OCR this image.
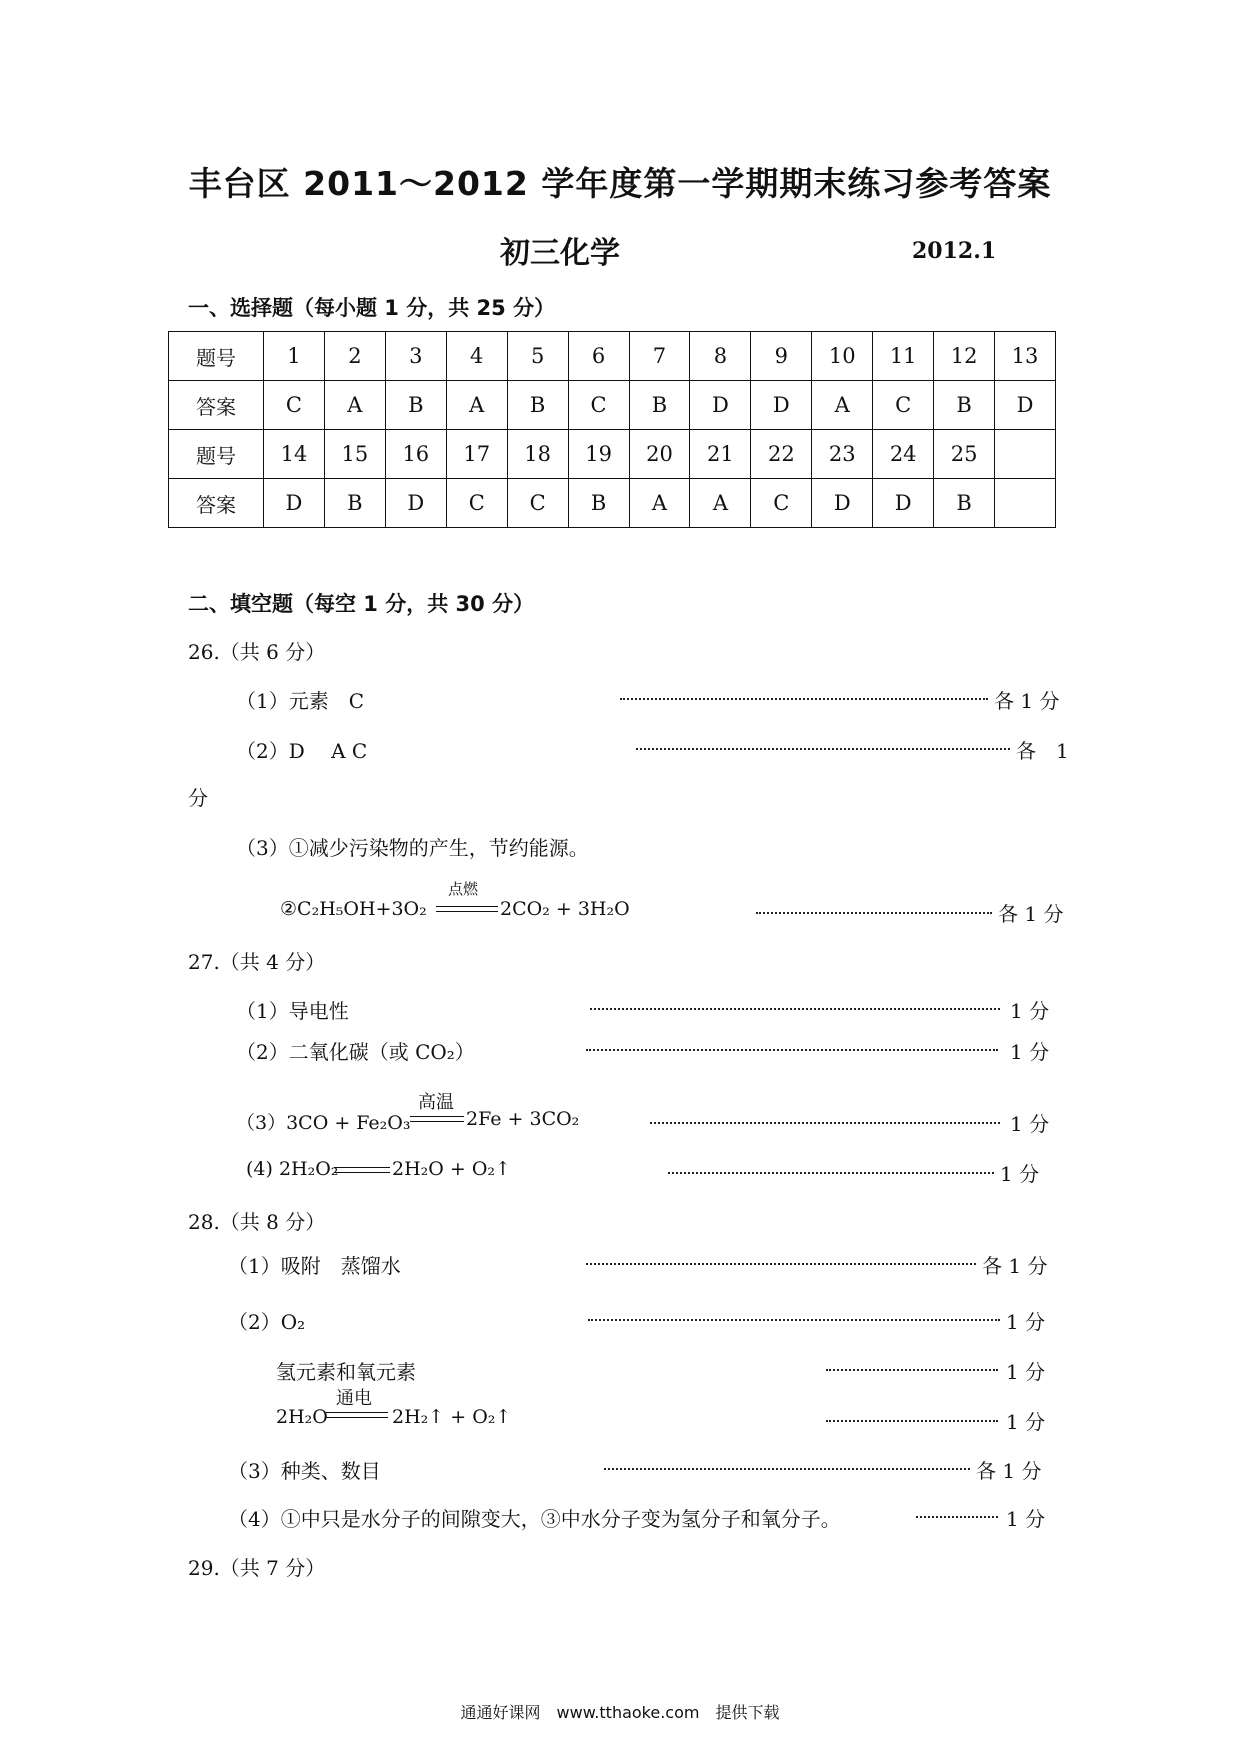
丰台区 2011～2012 学年度第一学期期末练习参考答案
初三化学	2012.1
一、选择题（每小题 1 分，共 25 分）
题号	1	2	3	4	5	6	7	8	9	10	11	12	13
答案	C	A	B	A	B	C	B	D	D	A	C	B	D
题号	14	15	16	17	18	19	20	21	22	23	24	25	
答案	D	B	D	C	C	B	A	A	C	D	D	B	
二、填空题（每空 1 分，共 30 分）
26.（共 6 分）
（1）元素　C	各 1 分
（2）D　 A C	各　1
分
（3）①减少污染物的产生，节约能源。
②C₂H₅OH+3O₂
点燃
2CO₂ + 3H₂O	各 1 分
27.（共 4 分）
（1）导电性	1 分
（2）二氧化碳（或 CO₂）	1 分
（3）3CO + Fe₂O₃
高温
2Fe + 3CO₂	1 分
(4) 2H₂O₂	2H₂O + O₂↑	1 分
28.（共 8 分）
（1）吸附　蒸馏水	各 1 分
（2）O₂	1 分
氢元素和氧元素	1 分
2H₂O
通电
2H₂↑ + O₂↑	1 分
（3）种类、数目	各 1 分
（4）①中只是水分子的间隙变大，③中水分子变为氢分子和氧分子。	1 分
29.（共 7 分）
通通好课网　www.tthaoke.com　提供下载
